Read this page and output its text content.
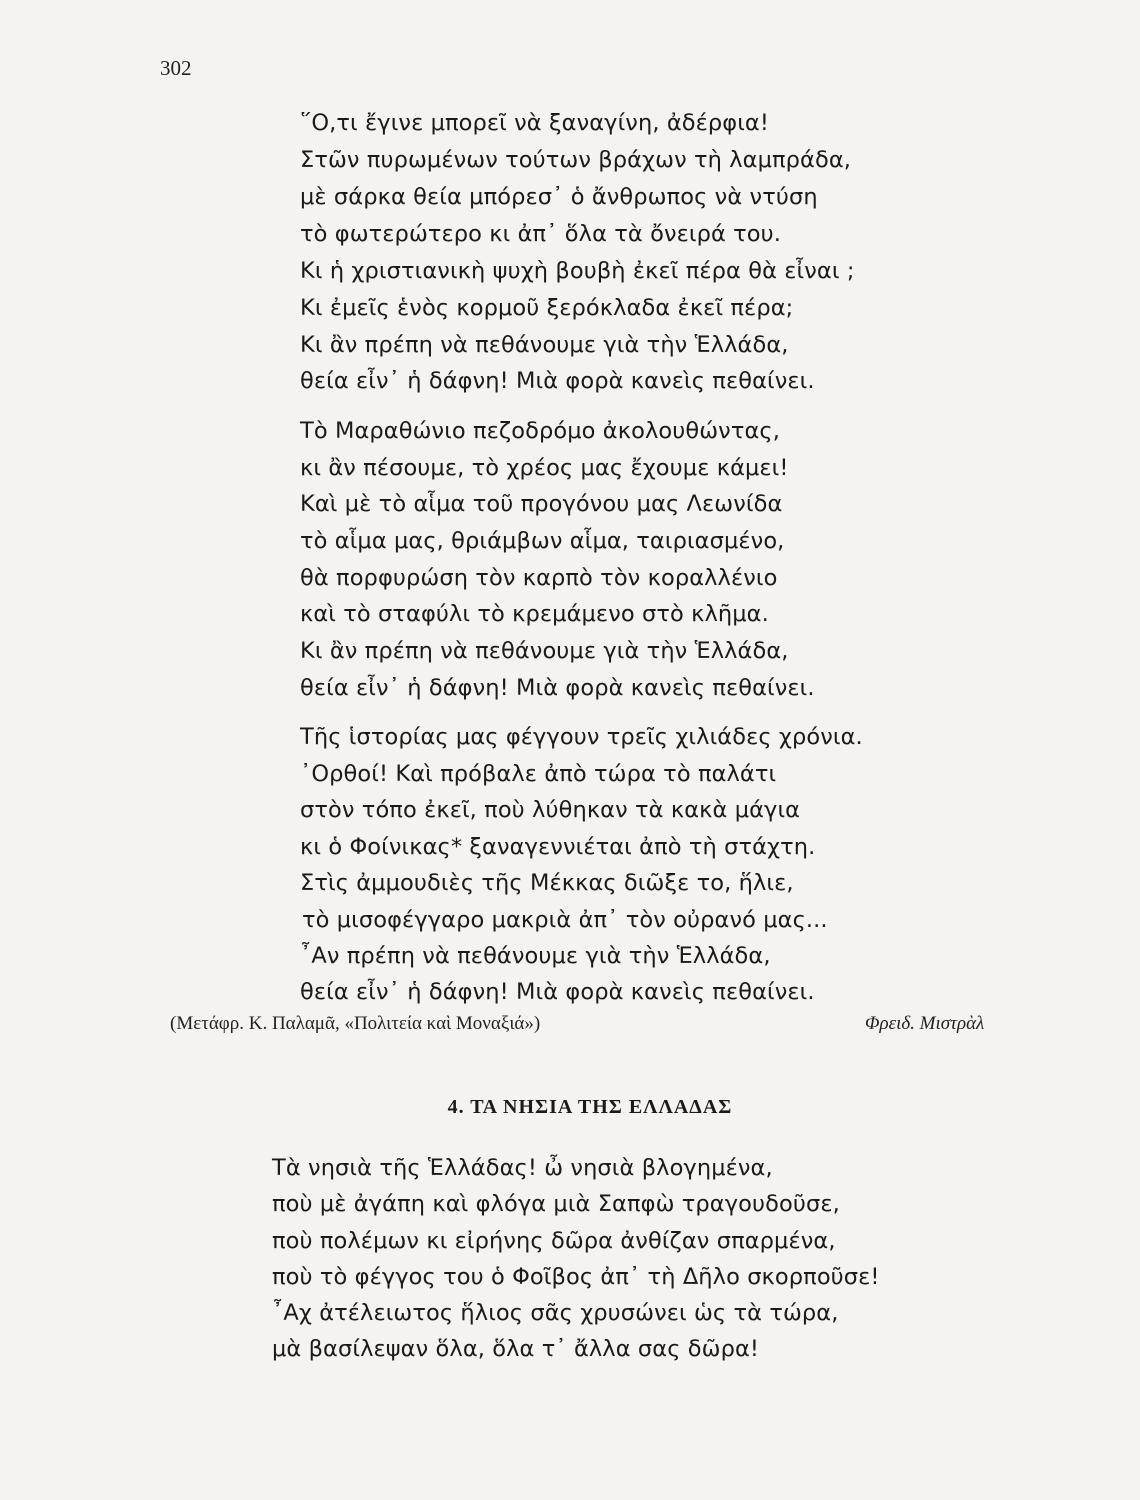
302
῞Ο,τι ἔγινε μπορεῖ νὰ ξαναγίνη, ἀδέρφια!
Στῶν πυρωμένων τούτων βράχων τὴ λαμπράδα,
μὲ σάρκα θεία μπόρεσ᾽ ὁ ἄνθρωπος νὰ ντύση
τὸ φωτερώτερο κι ἀπ᾽ ὅλα τὰ ὄνειρά του.
Κι ἡ χριστιανικὴ ψυχὴ βουβὴ ἐκεῖ πέρα θὰ εἶναι ;
Κι ἐμεῖς ἑνὸς κορμοῦ ξερόκλαδα ἐκεῖ πέρα;
Κι ἂν πρέπη νὰ πεθάνουμε γιὰ τὴν Ἑλλάδα,
θεία εἶν᾽ ἡ δάφνη! Μιὰ φορὰ κανεὶς πεθαίνει.
Τὸ Μαραθώνιο πεζοδρόμο ἀκολουθώντας,
κι ἂν πέσουμε, τὸ χρέος μας ἔχουμε κάμει!
Καὶ μὲ τὸ αἷμα τοῦ προγόνου μας Λεωνίδα
τὸ αἷμα μας, θριάμβων αἷμα, ταιριασμένο,
θὰ πορφυρώση τὸν καρπὸ τὸν κοραλλένιο
καὶ τὸ σταφύλι τὸ κρεμάμενο στὸ κλῆμα.
Κι ἂν πρέπη νὰ πεθάνουμε γιὰ τὴν Ἑλλάδα,
θεία εἶν᾽ ἡ δάφνη! Μιὰ φορὰ κανεὶς πεθαίνει.
Τῆς ἱστορίας μας φέγγουν τρεῖς χιλιάδες χρόνια.
᾽Ορθοί! Καὶ πρόβαλε ἀπὸ τώρα τὸ παλάτι
στὸν τόπο ἐκεῖ, ποὺ λύθηκαν τὰ κακὰ μάγια
κι ὁ Φοίνικας* ξαναγεννιέται ἀπὸ τὴ στάχτη.
Στὶς ἀμμουδιὲς τῆς Μέκκας διῶξε το, ἥλιε,
τὸ μισοφέγγαρο μακριὰ ἀπ᾽ τὸν οὐρανό μας...
῏Αν πρέπη νὰ πεθάνουμε γιὰ τὴν Ἑλλάδα,
θεία εἶν᾽ ἡ δάφνη! Μιὰ φορὰ κανεὶς πεθαίνει.
(Μετάφρ. Κ. Παλαμᾶ, «Πολιτεία καὶ Μοναξιά»)	Φρειδ. Μιστρὰλ
4. ΤΑ ΝΗΣΙΑ ΤΗΣ ΕΛΛΑΔΑΣ
Τὰ νησιὰ τῆς Ἑλλάδας! ὦ νησιὰ βλογημένα,
ποὺ μὲ ἀγάπη καὶ φλόγα μιὰ Σαπφὼ τραγουδοῦσε,
ποὺ πολέμων κι εἰρήνης δῶρα ἀνθίζαν σπαρμένα,
ποὺ τὸ φέγγος του ὁ Φοῖβος ἀπ᾽ τὴ Δῆλο σκορποῦσε!
῏Αχ ἀτέλειωτος ἥλιος σᾶς χρυσώνει ὡς τὰ τώρα,
μὰ βασίλεψαν ὅλα, ὅλα τ᾽ ἄλλα σας δῶρα!
